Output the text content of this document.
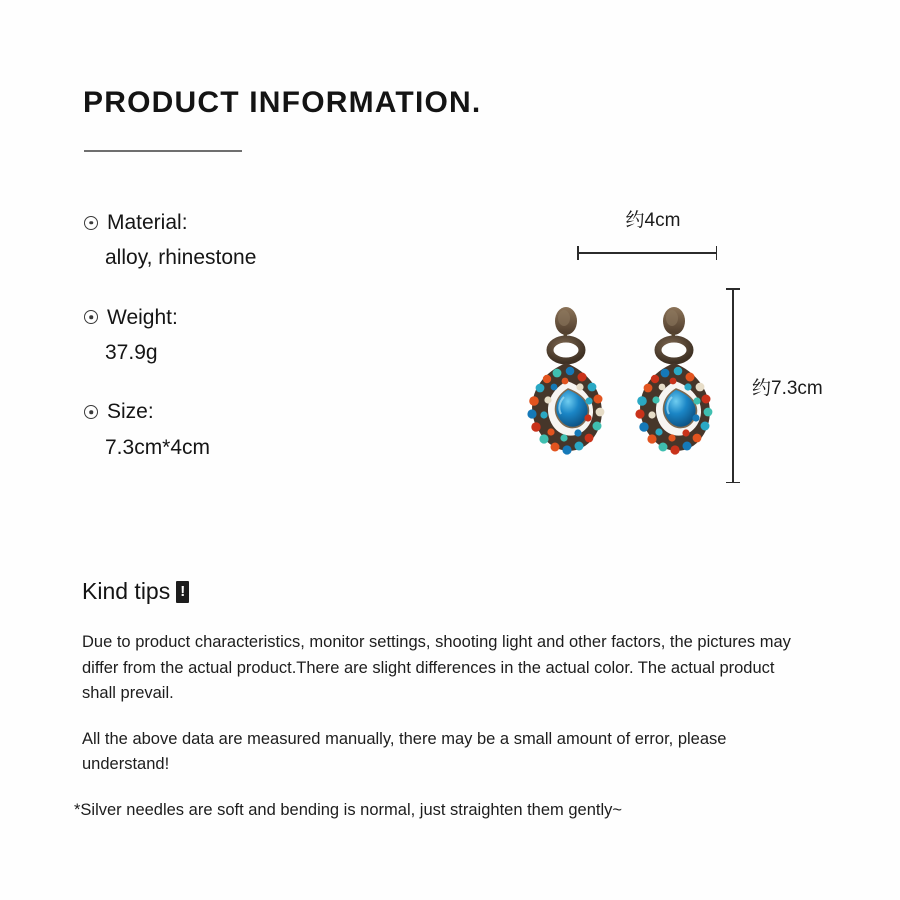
PRODUCT INFORMATION.
Material:
alloy, rhinestone
Weight:
37.9g
Size:
7.3cm*4cm
约4cm
约7.3cm
Kind tips !

Due to product characteristics, monitor settings, shooting light and other factors, the pictures may differ from the actual product.There are slight differences in the actual color. The actual product shall prevail.

All the above data are measured manually, there may be a small amount of error, please understand!

*Silver needles are soft and bending is normal, just straighten them gently~
